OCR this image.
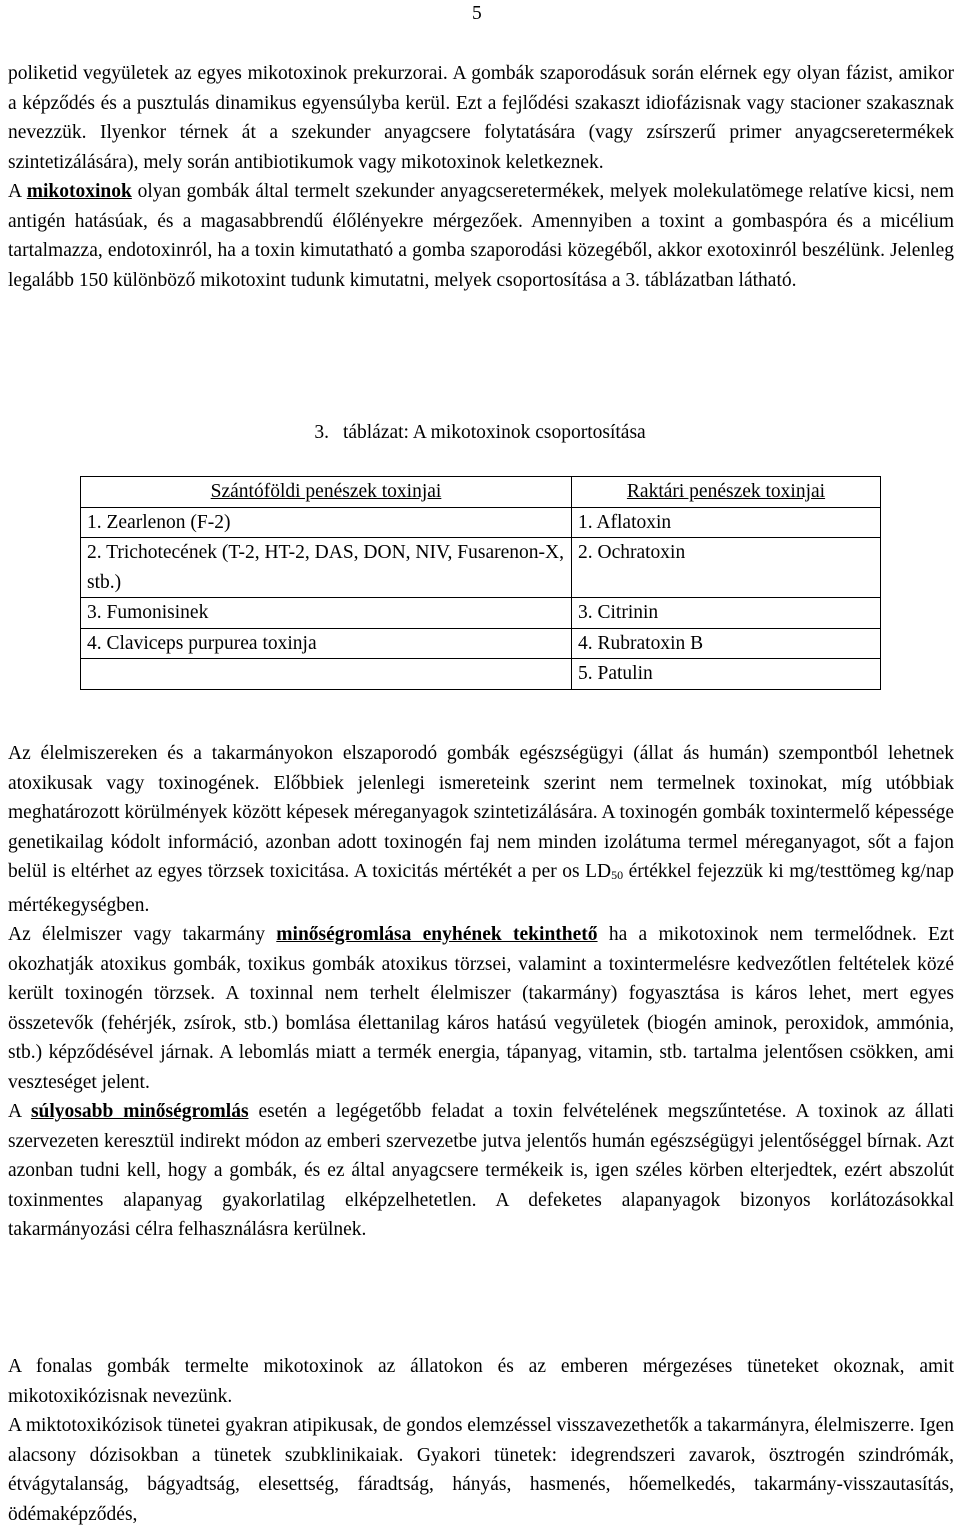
5

poliketid vegyületek az egyes mikotoxinok prekurzorai. A gombák szaporodásuk során elérnek egy olyan fázist, amikor a képződés és a pusztulás dinamikus egyensúlyba kerül. Ezt a fejlődési szakaszt idiofázisnak vagy stacioner szakasznak nevezzük. Ilyenkor térnek át a szekunder anyagcsere folytatására (vagy zsírszerű primer anyagcseretermékek szintetizálására), mely során antibiotikumok vagy mikotoxinok keletkeznek.

A mikotoxinok olyan gombák által termelt szekunder anyagcseretermékek, melyek molekulatömege relatíve kicsi, nem antigén hatásúak, és a magasabbrendű élőlényekre mérgezőek. Amennyiben a toxint a gombaspóra és a micélium tartalmazza, endotoxinról, ha a toxin kimutatható a gomba szaporodási közegéből, akkor exotoxinról beszélünk. Jelenleg legalább 150 különböző mikotoxint tudunk kimutatni, melyek csoportosítása a 3. táblázatban látható.

3. táblázat: A mikotoxinok csoportosítása
Szántóföldi penészek toxinjai	Raktári penészek toxinjai
1. Zearlenon (F-2)	1. Aflatoxin
2. Trichotecének (T-2, HT-2, DAS, DON, NIV, Fusarenon-X, stb.)	2. Ochratoxin
3. Fumonisinek	3. Citrinin
4. Claviceps purpurea toxinja	4. Rubratoxin B
	5. Patulin

Az élelmiszereken és a takarmányokon elszaporodó gombák egészségügyi (állat ás humán) szempontból lehetnek atoxikusak vagy toxinogének. Előbbiek jelenlegi ismereteink szerint nem termelnek toxinokat, míg utóbbiak meghatározott körülmények között képesek méreganyagok szintetizálására. A toxinogén gombák toxintermelő képessége genetikailag kódolt információ, azonban adott toxinogén faj nem minden izolátuma termel méreganyagot, sőt a fajon belül is eltérhet az egyes törzsek toxicitása. A toxicitás mértékét a per os $LD_{50}$ értékkel fejezzük ki mg/testtömeg kg/nap mértékegységben.

Az élelmiszer vagy takarmány minőségromlása enyhének tekinthető ha a mikotoxinok nem termelődnek. Ezt okozhatják atoxikus gombák, toxikus gombák atoxikus törzsei, valamint a toxintermelésre kedvezőtlen feltételek közé került toxinogén törzsek. A toxinnal nem terhelt élelmiszer (takarmány) fogyasztása is káros lehet, mert egyes összetevők (fehérjék, zsírok, stb.) bomlása élettanilag káros hatású vegyületek (biogén aminok, peroxidok, ammónia, stb.) képződésével járnak. A lebomlás miatt a termék energia, tápanyag, vitamin, stb. tartalma jelentősen csökken, ami veszteséget jelent.

A súlyosabb minőségromlás esetén a legégetőbb feladat a toxin felvételének megszűntetése. A toxinok az állati szervezeten keresztül indirekt módon az emberi szervezetbe jutva jelentős humán egészségügyi jelentőséggel bírnak. Azt azonban tudni kell, hogy a gombák, és ez által anyagcsere termékeik is, igen széles körben elterjedtek, ezért abszolút toxinmentes alapanyag gyakorlatilag elképzelhetetlen. A defeketes alapanyagok bizonyos korlátozásokkal takarmányozási célra felhasználásra kerülnek.

A fonalas gombák termelte mikotoxinok az állatokon és az emberen mérgezéses tüneteket okoznak, amit mikotoxikózisnak nevezünk.

A miktotoxikózisok tünetei gyakran atipikusak, de gondos elemzéssel visszavezethetők a takarmányra, élelmiszerre. Igen alacsony dózisokban a tünetek szubklinikaiak. Gyakori tünetek: idegrendszeri zavarok, ösztrogén szindrómák, étvágytalanság, bágyadtság, elesettség, fáradtság, hányás, hasmenés, hőemelkedés, takarmány-visszautasítás, ödémaképződés,
